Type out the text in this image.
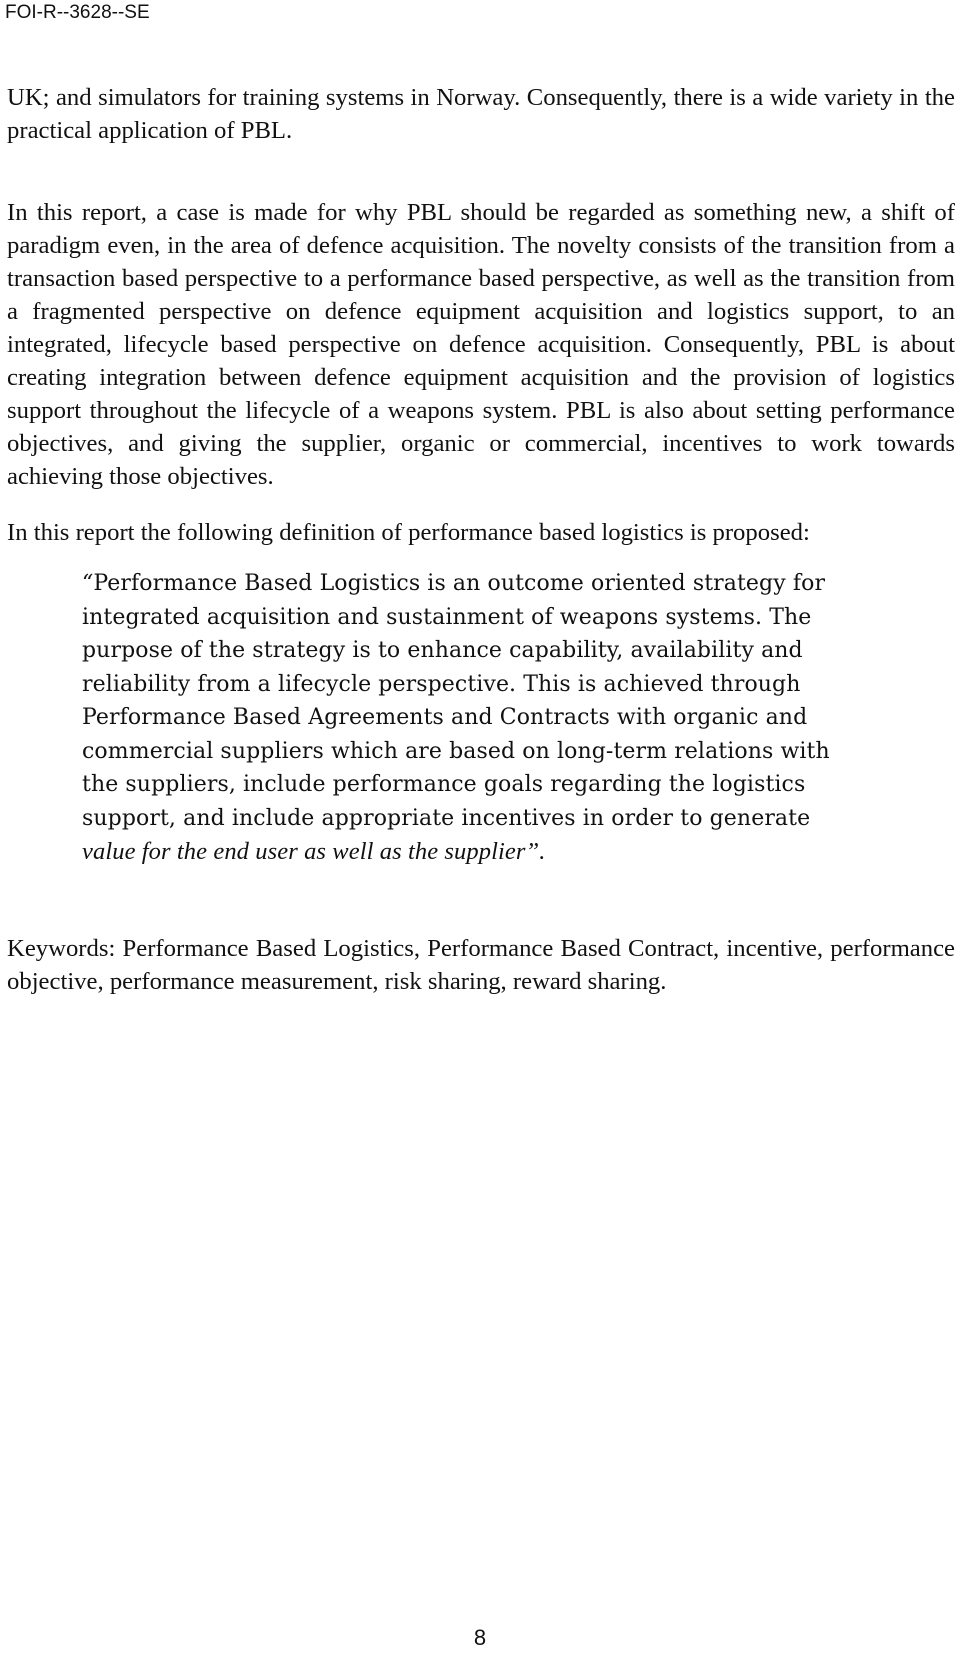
FOI-R--3628--SE

UK; and simulators for training systems in Norway. Consequently, there is a wide variety in the practical application of PBL.

In this report, a case is made for why PBL should be regarded as something new, a shift of paradigm even, in the area of defence acquisition. The novelty consists of the transition from a transaction based perspective to a performance based perspective, as well as the transition from a fragmented perspective on defence equipment acquisition and logistics support, to an integrated, lifecycle based perspective on defence acquisition. Consequently, PBL is about creating integration between defence equipment acquisition and the provision of logistics support throughout the lifecycle of a weapons system. PBL is also about setting performance objectives, and giving the supplier, organic or commercial, incentives to work towards achieving those objectives.

In this report the following definition of performance based logistics is proposed:

“Performance Based Logistics is an outcome oriented strategy for integrated acquisition and sustainment of weapons systems. The purpose of the strategy is to enhance capability, availability and reliability from a lifecycle perspective. This is achieved through Performance Based Agreements and Contracts with organic and commercial suppliers which are based on long-term relations with the suppliers, include performance goals regarding the logistics support, and include appropriate incentives in order to generate value for the end user as well as the supplier”.

Keywords: Performance Based Logistics, Performance Based Contract, incentive, performance objective, performance measurement, risk sharing, reward sharing.

8
